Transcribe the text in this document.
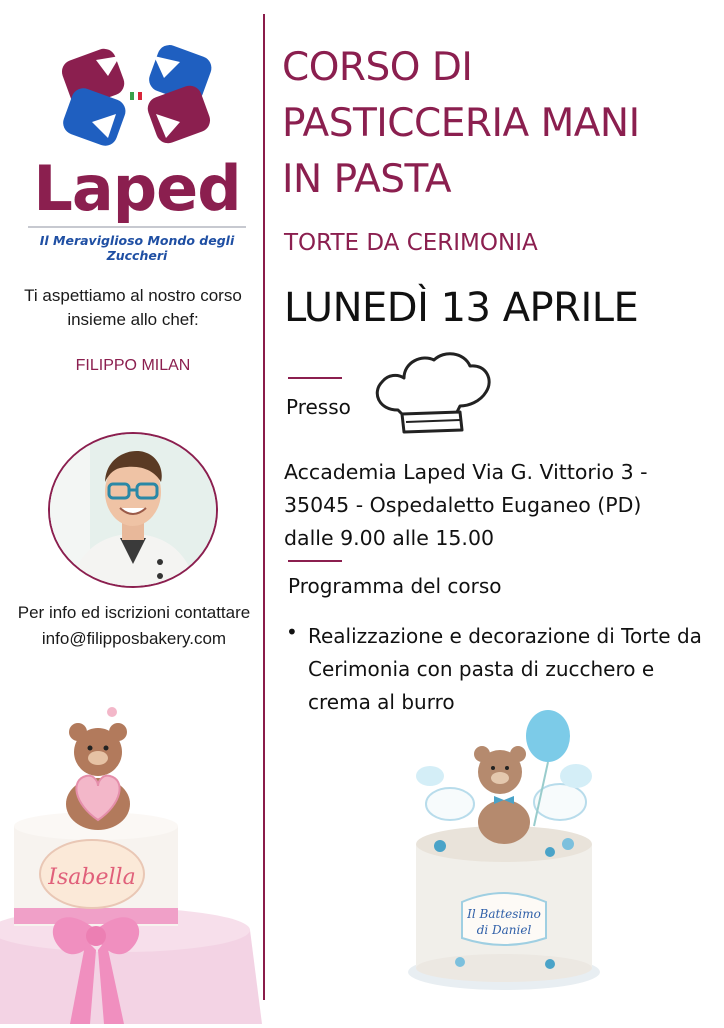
Laped
Il Meraviglioso Mondo degli Zuccheri
Ti aspettiamo al nostro corso insieme allo chef:
FILIPPO MILAN
Per info ed iscrizioni contattare
info@filipposbakery.com
Isabella
CORSO DI
PASTICCERIA MANI
IN PASTA
TORTE DA CERIMONIA
LUNEDÌ 13 APRILE
Presso
Accademia Laped Via G. Vittorio 3 -
35045 - Ospedaletto Euganeo (PD)
dalle 9.00 alle 15.00
Programma del corso
• Realizzazione e decorazione di Torte da Cerimonia con pasta di zucchero e crema al burro
Il Battesimo
di Daniel
